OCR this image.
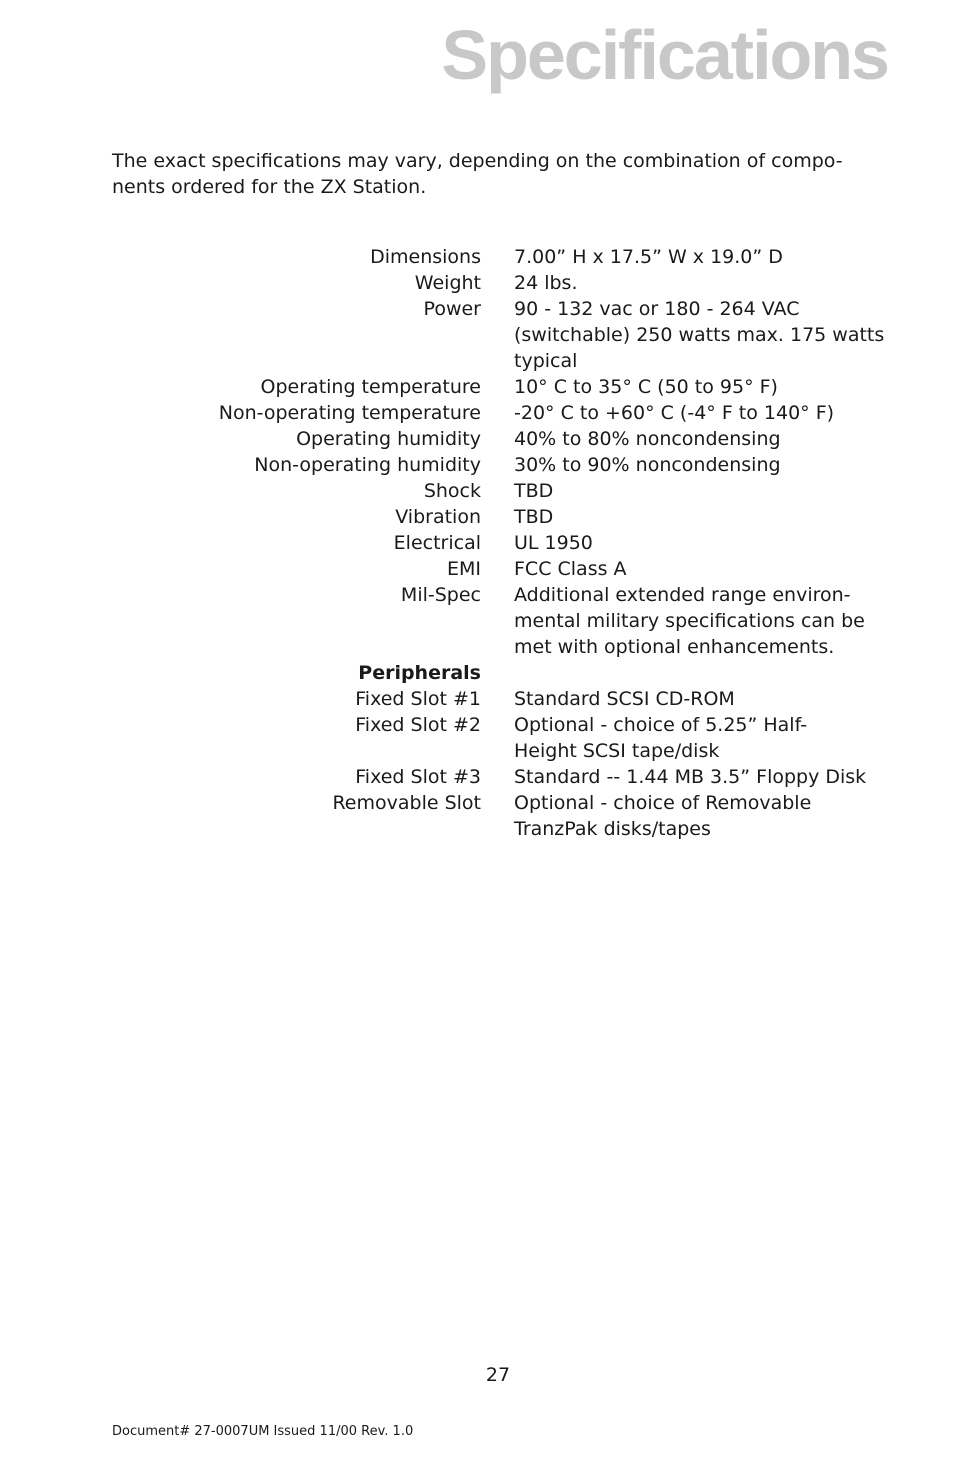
Specifications

The exact specifications may vary, depending on the combination of compo-
nents ordered for the ZX Station.

Dimensions		7.00” H x 17.5” W x 19.0” D
Weight		24 lbs.
Power		90 - 132 vac or 180 - 264 VAC
(switchable) 250 watts max. 175 watts
typical
Operating temperature		10° C to 35° C (50 to 95° F)
Non-operating temperature		-20° C to +60° C (-4° F to 140° F)
Operating humidity		40% to 80% noncondensing
Non-operating humidity		30% to 90% noncondensing
Shock		TBD
Vibration		TBD
Electrical		UL 1950
EMI		FCC Class A
Mil-Spec		Additional extended range environ-
mental military specifications can be
met with optional enhancements.
Peripherals		
Fixed Slot #1		Standard SCSI CD-ROM
Fixed Slot #2		Optional - choice of 5.25” Half-
Height SCSI tape/disk
Fixed Slot #3		Standard -- 1.44 MB 3.5” Floppy Disk
Removable Slot		Optional - choice of Removable
TranzPak disks/tapes
27
Document# 27-0007UM Issued 11/00 Rev. 1.0
